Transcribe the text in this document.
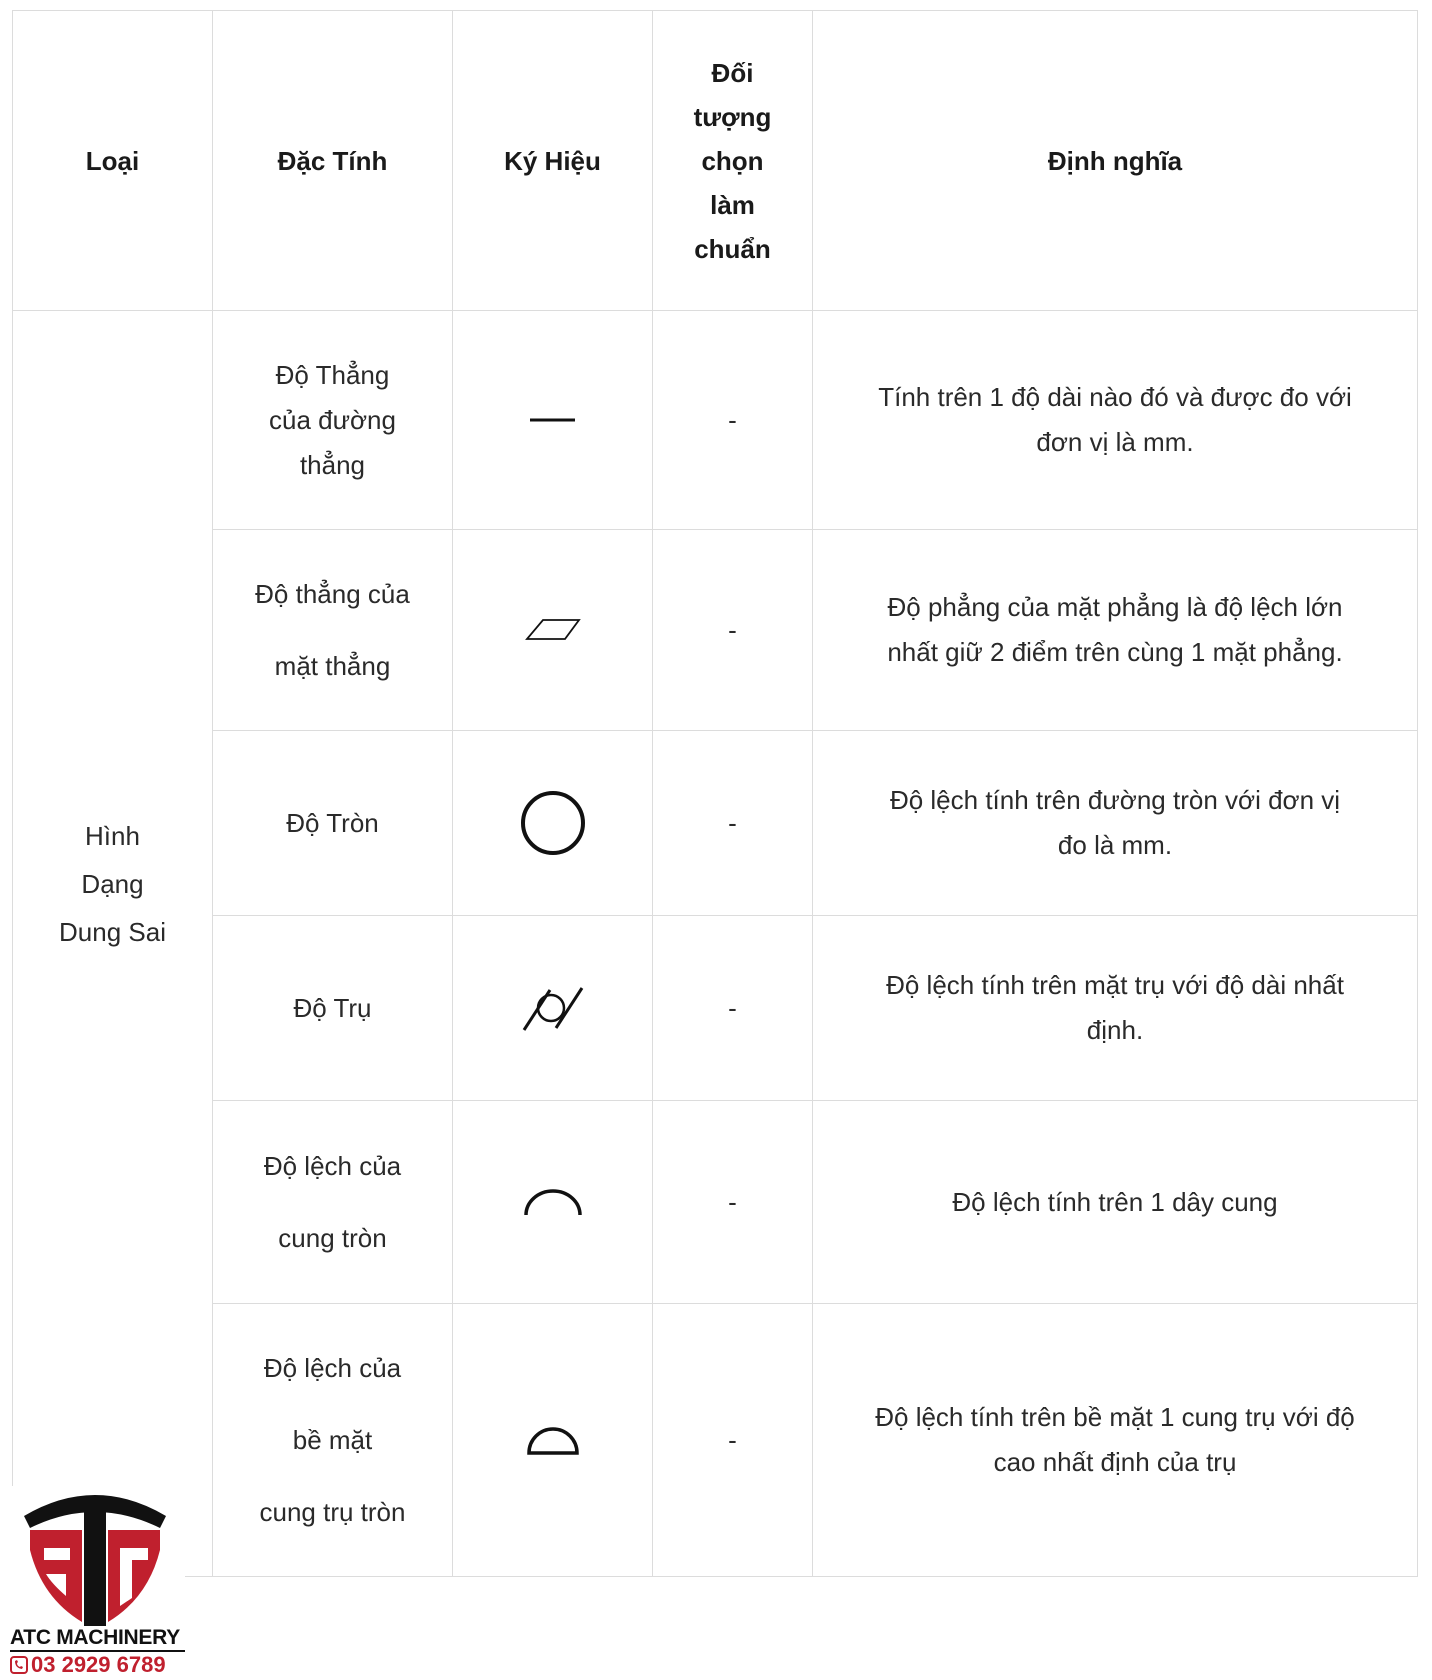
Loại	Đặc Tính	Ký Hiệu	Đối
tượng
chọn
làm
chuẩn	Định nghĩa

Hình
Dạng
Dung Sai	Độ Thẳng
của đường
thẳng		-	Tính trên 1 độ dài nào đó và được đo với
đơn vị là mm.

	Độ thẳng của
mặt thẳng		-	Độ phẳng của mặt phẳng là độ lệch lớn
nhất giữ 2 điểm trên cùng 1 mặt phẳng.

	Độ Tròn		-	Độ lệch tính trên đường tròn với đơn vị
đo là mm.

	Độ Trụ		-	Độ lệch tính trên mặt trụ với độ dài nhất
định.

	Độ lệch của
cung tròn		-	Độ lệch tính trên 1 dây cung

	Độ lệch của
bề mặt
cung trụ tròn		-	Độ lệch tính trên bề mặt 1 cung trụ với độ
cao nhất định của trụ
ATC MACHINERY
03 2929 6789
